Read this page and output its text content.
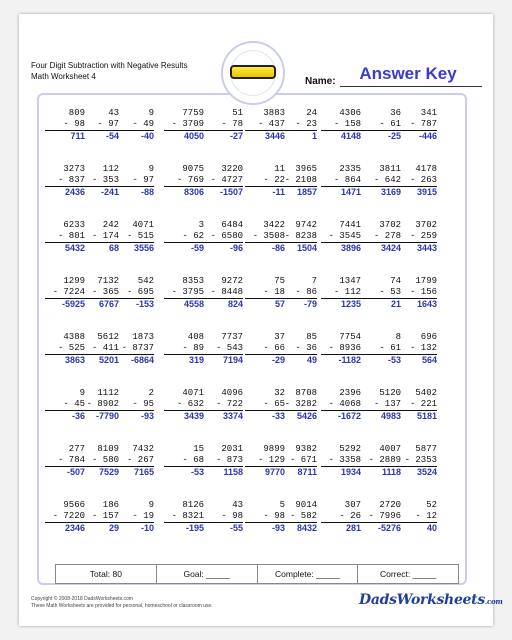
Four Digit Subtraction with Negative Results
Math Worksheet 4	Name:	Answer Key
809
- 98
711
43
- 97
-54
9
- 49
-40
7759
- 3709
4050
51
- 78
-27
3883
- 437
3446
24
- 23
1
4306
- 158
4148
36
- 61
-25
341
- 787
-446
3273
- 837
2436
112
- 353
-241
9
- 97
-88
9075
- 769
8306
3220
- 4727
-1507
11
- 22
-11
3965
- 2108
1857
2335
- 864
1471
3811
- 642
3169
4178
- 263
3915
6233
- 801
5432
242
- 174
68
4071
- 515
3556
3
- 62
-59
6484
- 6580
-96
3422
- 3508
-86
9742
- 8238
1504
7441
- 3545
3896
3702
- 278
3424
3702
- 259
3443
1299
- 7224
-5925
7132
- 365
6767
542
- 695
-153
8353
- 3795
4558
9272
- 8448
824
75
- 18
57
7
- 86
-79
1347
- 112
1235
74
- 53
21
1799
- 156
1643
4388
- 525
3863
5612
- 411
5201
1873
- 8737
-6864
408
- 89
319
7737
- 543
7194
37
- 66
-29
85
- 36
49
7754
- 8936
-1182
8
- 61
-53
696
- 132
564
9
- 45
-36
1112
- 8902
-7790
2
- 95
-93
4071
- 632
3439
4096
- 722
3374
32
- 65
-33
8708
- 3282
5426
2396
- 4068
-1672
5120
- 137
4983
5402
- 221
5181
277
- 784
-507
8109
- 580
7529
7432
- 267
7165
15
- 68
-53
2031
- 873
1158
9899
- 129
9770
9382
- 671
8711
5292
- 3358
1934
4007
- 2889
1118
5877
- 2353
3524
9566
- 7220
2346
186
- 157
29
9
- 19
-10
8126
- 8321
-195
43
- 98
-55
5
- 98
-93
9014
- 582
8432
307
- 26
281
2720
- 7996
-5276
52
- 12
40
Total: 80	Goal: _____	Complete: _____	Correct: _____
Copyright © 2008-2018 DadsWorksheets.com
These Math Worksheets are provided for personal, homeschool or classroom use.	DadsWorksheets.com
